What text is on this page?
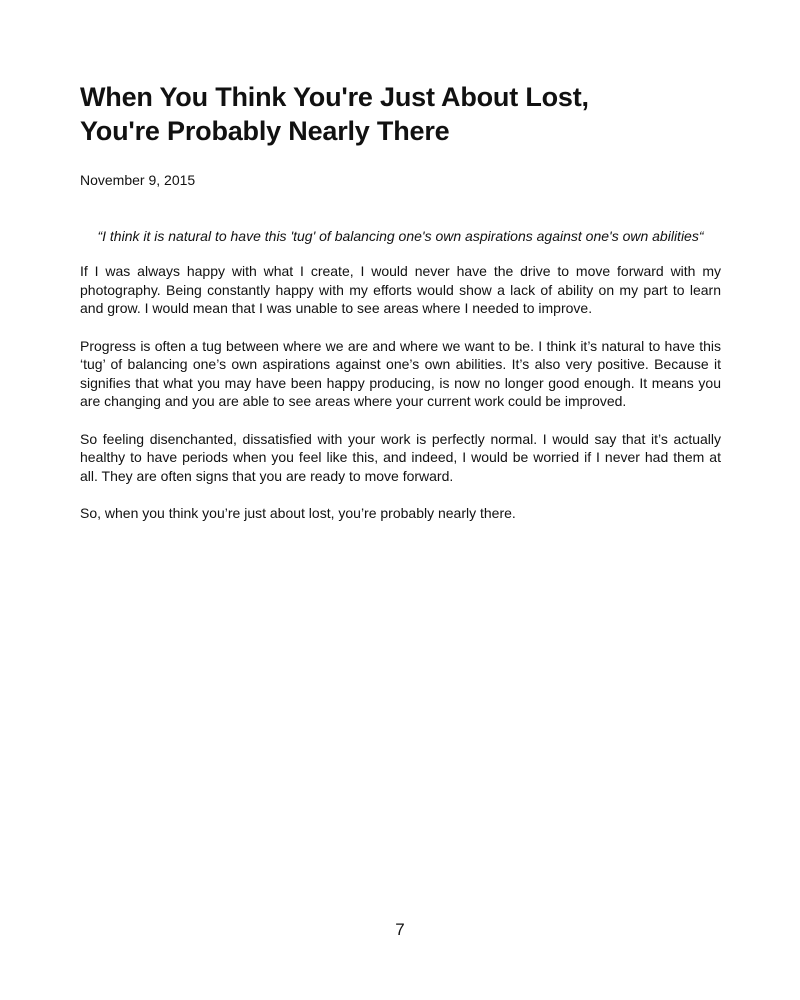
When You Think You're Just About Lost,
You're Probably Nearly There
November 9, 2015
“I think it is natural to have this 'tug' of balancing one's own aspirations against one's own abilities“

If I was always happy with what I create, I would never have the drive to move forward with my photography. Being constantly happy with my efforts would show a lack of ability on my part to learn and grow. I would mean that I was unable to see areas where I needed to improve.

Progress is often a tug between where we are and where we want to be. I think it’s natural to have this ‘tug’ of balancing one’s own aspirations against one’s own abilities. It’s also very positive. Because it signifies that what you may have been happy producing, is now no longer good enough. It means you are changing and you are able to see areas where your current work could be improved.

So feeling disenchanted, dissatisfied with your work is perfectly normal. I would say that it’s actually healthy to have periods when you feel like this, and indeed, I would be worried if I never had them at all. They are often signs that you are ready to move forward.

So, when you think you’re just about lost, you’re probably nearly there.

7
